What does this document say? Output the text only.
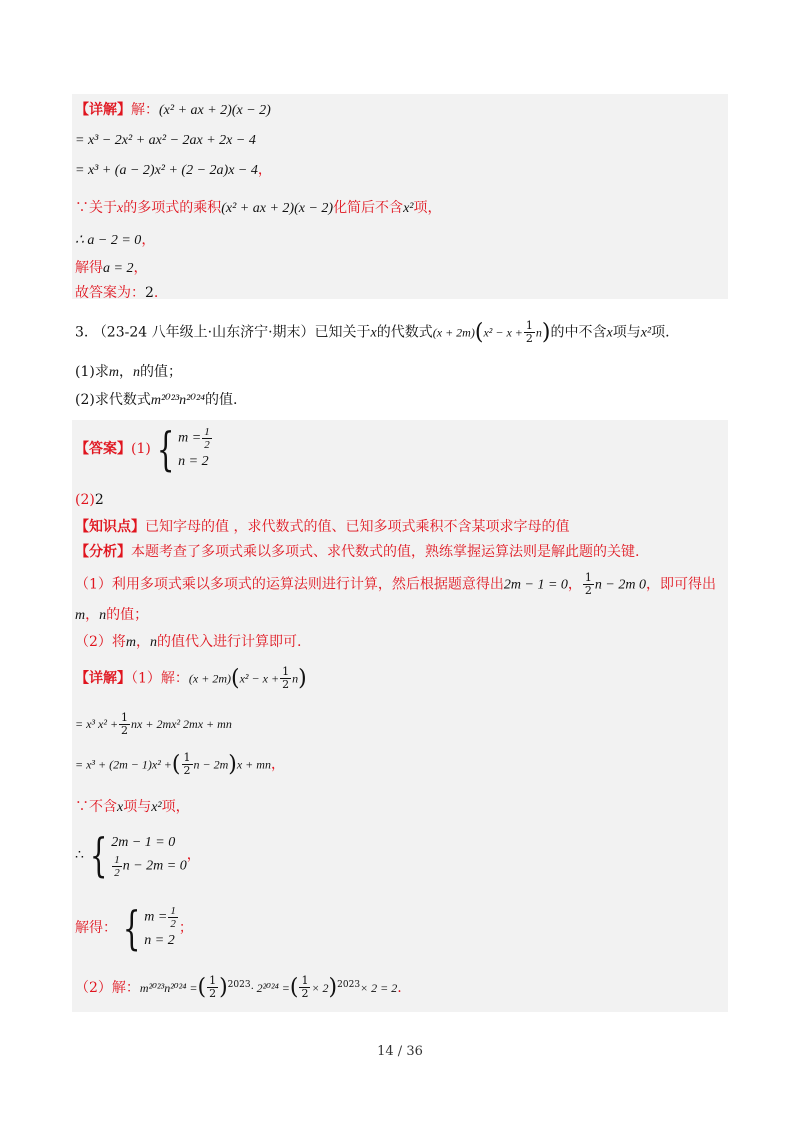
【详解】解：(x² + ax + 2)(x − 2)
= x³ − 2x² + ax² − 2ax + 2x − 4
= x³ + (a − 2)x² + (2 − 2a)x − 4，
∵关于x的多项式的乘积(x² + ax + 2)(x − 2)化简后不含x²项，
∴ a − 2 = 0，
解得a = 2，
故答案为：2.
3. （23-24 八年级上·山东济宁·期末）已知关于x的代数式$(x + 2m)(x^2 - x + \frac{1}{2} n)$的中不含x项与x²项.
(1)求m，n的值；
(2)求代数式m²⁰²³n²⁰²⁴的值.
【答案】 (1) { $m = \frac{1}{2}$
n = 2
(2)2
【知识点】已知字母的值 ，求代数式的值、已知多项式乘积不含某项求字母的值
【分析】本题考查了多项式乘以多项式、求代数式的值，熟练掌握运算法则是解此题的关键.
（1）利用多项式乘以多项式的运算法则进行计算，然后根据题意得出2m − 1 = 0， $\frac{1}{2}$ n − 2m 0，即可得出
m，n的值；
（2）将m，n的值代入进行计算即可.
【详解】（1）解：$(x + 2m)(x^2 - x + \frac{1}{2} n)$
= x³ $x^2 + \frac{1}{2}$ nx + 2mx² 2mx + mn
= x³ + (2m − 1)x² +( $\frac{1}{2}$ n − 2m)x + mn，
∵不含x项与x²项，
∴ { 2m − 1 = 0
$\frac{1}{2}$ n − 2m = 0
，
解得： { $m = \frac{1}{2}$
n = 2
；
（2）解： m²⁰²³n²⁰²⁴ = ( $\frac{1}{2}$ ) 2023 · 2²⁰²⁴ = ( $\frac{1}{2} \times 2$ ) 2023 × 2 = 2 .
14 / 36
